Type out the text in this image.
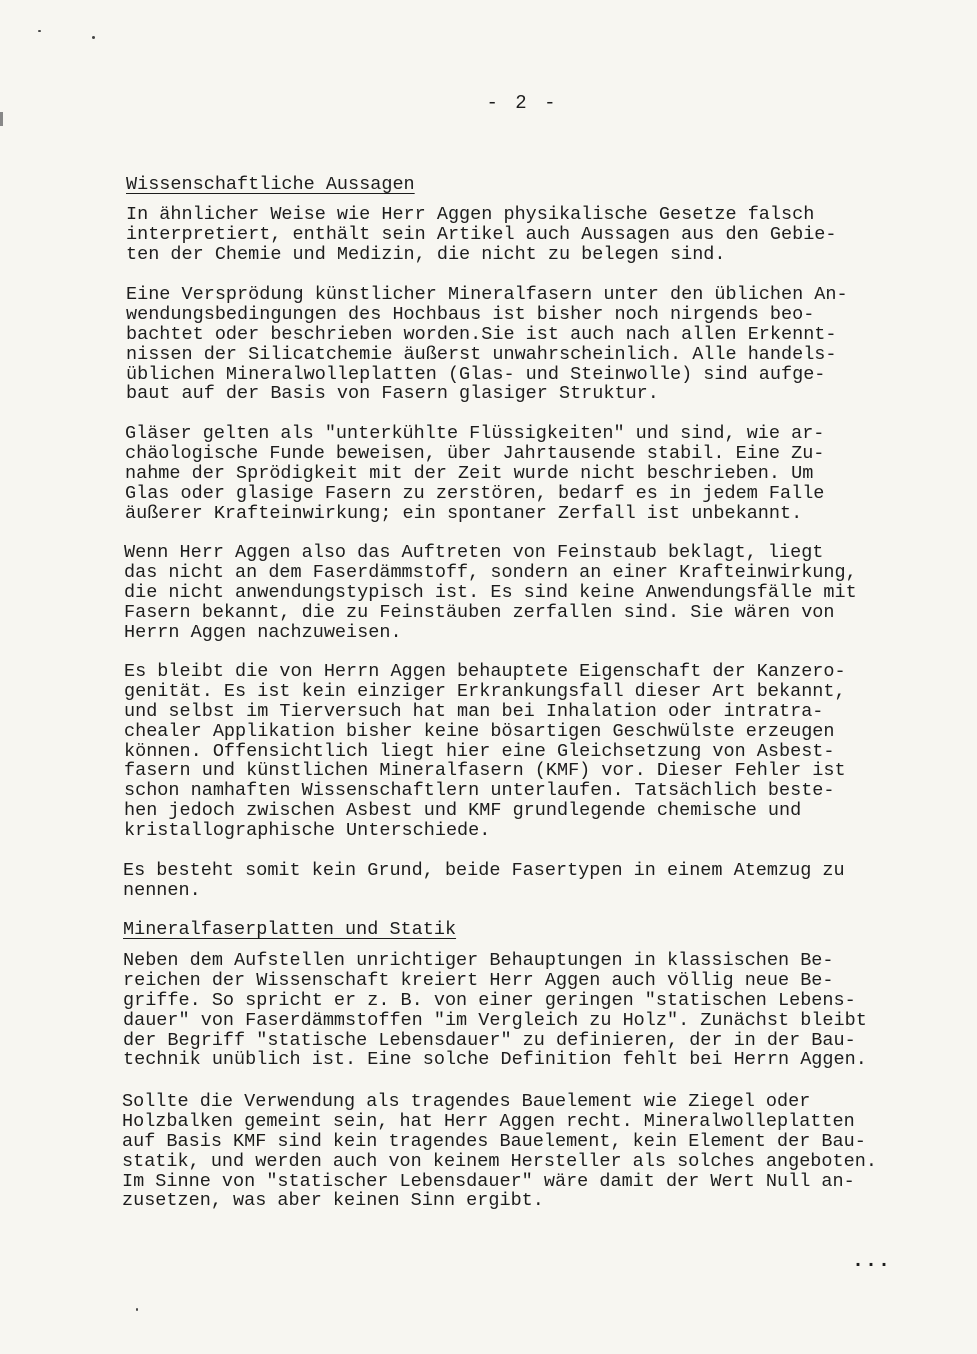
- 2 -
Wissenschaftliche Aussagen
In ähnlicher Weise wie Herr Aggen physikalische Gesetze falsch
interpretiert, enthält sein Artikel auch Aussagen aus den Gebie-
ten der Chemie und Medizin, die nicht zu belegen sind.
Eine Versprödung künstlicher Mineralfasern unter den üblichen An-
wendungsbedingungen des Hochbaus ist bisher noch nirgends beo-
bachtet oder beschrieben worden.Sie ist auch nach allen Erkennt-
nissen der Silicatchemie äußerst unwahrscheinlich. Alle handels-
üblichen Mineralwolleplatten (Glas- und Steinwolle) sind aufge-
baut auf der Basis von Fasern glasiger Struktur.
Gläser gelten als "unterkühlte Flüssigkeiten" und sind, wie ar-
chäologische Funde beweisen, über Jahrtausende stabil. Eine Zu-
nahme der Sprödigkeit mit der Zeit wurde nicht beschrieben. Um
Glas oder glasige Fasern zu zerstören, bedarf es in jedem Falle
äußerer Krafteinwirkung; ein spontaner Zerfall ist unbekannt.
Wenn Herr Aggen also das Auftreten von Feinstaub beklagt, liegt
das nicht an dem Faserdämmstoff, sondern an einer Krafteinwirkung,
die nicht anwendungstypisch ist. Es sind keine Anwendungsfälle mit
Fasern bekannt, die zu Feinstäuben zerfallen sind. Sie wären von
Herrn Aggen nachzuweisen.
Es bleibt die von Herrn Aggen behauptete Eigenschaft der Kanzero-
genität. Es ist kein einziger Erkrankungsfall dieser Art bekannt,
und selbst im Tierversuch hat man bei Inhalation oder intratra-
chealer Applikation bisher keine bösartigen Geschwülste erzeugen
können. Offensichtlich liegt hier eine Gleichsetzung von Asbest-
fasern und künstlichen Mineralfasern (KMF) vor. Dieser Fehler ist
schon namhaften Wissenschaftlern unterlaufen. Tatsächlich beste-
hen jedoch zwischen Asbest und KMF grundlegende chemische und
kristallographische Unterschiede.
Es besteht somit kein Grund, beide Fasertypen in einem Atemzug zu
nennen.
Mineralfaserplatten und Statik
Neben dem Aufstellen unrichtiger Behauptungen in klassischen Be-
reichen der Wissenschaft kreiert Herr Aggen auch völlig neue Be-
griffe. So spricht er z. B. von einer geringen "statischen Lebens-
dauer" von Faserdämmstoffen "im Vergleich zu Holz". Zunächst bleibt
der Begriff "statische Lebensdauer" zu definieren, der in der Bau-
technik unüblich ist. Eine solche Definition fehlt bei Herrn Aggen.
Sollte die Verwendung als tragendes Bauelement wie Ziegel oder
Holzbalken gemeint sein, hat Herr Aggen recht. Mineralwolleplatten
auf Basis KMF sind kein tragendes Bauelement, kein Element der Bau-
statik, und werden auch von keinem Hersteller als solches angeboten.
Im Sinne von "statischer Lebensdauer" wäre damit der Wert Null an-
zusetzen, was aber keinen Sinn ergibt.
...
